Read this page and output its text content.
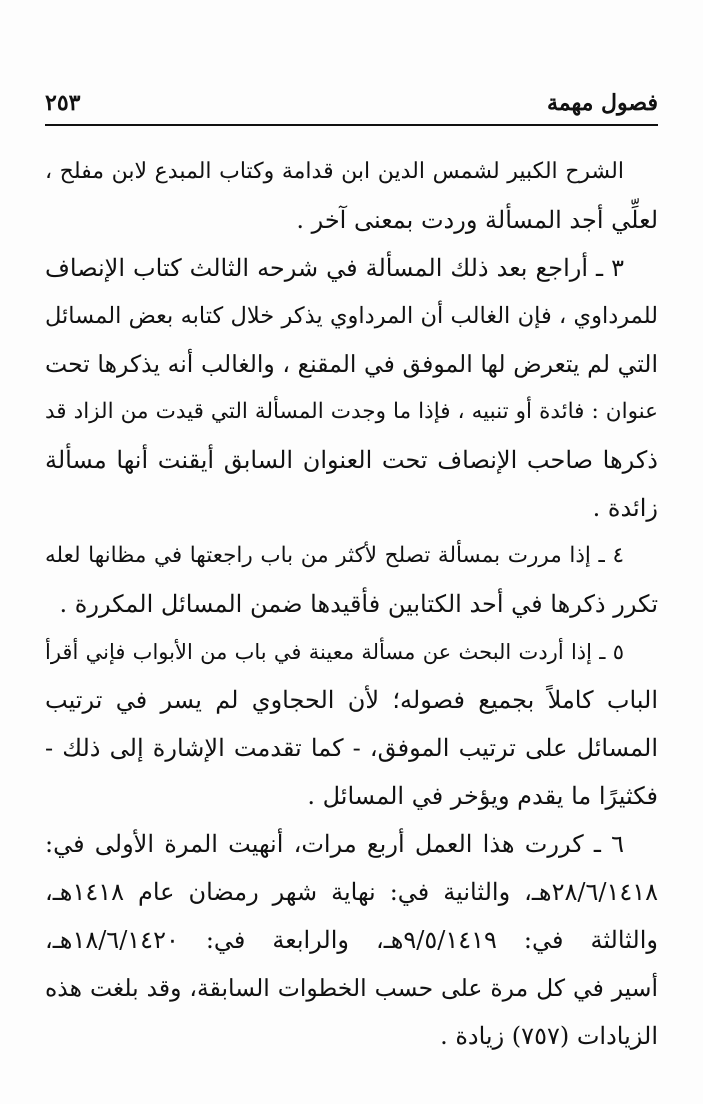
فصول مهمة
٢٥٣
الشرح الكبير لشمس الدين ابن قدامة وكتاب المبدع لابن مفلح ،
لعلِّي أجد المسألة وردت بمعنى آخر .
٣ ـ أراجع بعد ذلك المسألة في شرحه الثالث كتاب الإنصاف
للمرداوي ، فإن الغالب أن المرداوي يذكر خلال كتابه بعض المسائل
التي لم يتعرض لها الموفق في المقنع ، والغالب أنه يذكرها تحت
عنوان : فائدة أو تنبيه ، فإذا ما وجدت المسألة التي قيدت من الزاد قد
ذكرها صاحب الإنصاف تحت العنوان السابق أيقنت أنها مسألة
زائدة .
٤ ـ إذا مررت بمسألة تصلح لأكثر من باب راجعتها في مظانها لعله
تكرر ذكرها في أحد الكتابين فأقيدها ضمن المسائل المكررة .
٥ ـ إذا أردت البحث عن مسألة معينة في باب من الأبواب فإني أقرأ
الباب كاملاً بجميع فصوله؛ لأن الحجاوي لم يسر في ترتيب
المسائل على ترتيب الموفق، - كما تقدمت الإشارة إلى ذلك -
فكثيرًا ما يقدم ويؤخر في المسائل .
٦ ـ كررت هذا العمل أربع مرات، أنهيت المرة الأولى في:
٢٨/٦/١٤١٨هـ، والثانية في: نهاية شهر رمضان عام ١٤١٨هـ،
والثالثة في: ٩/٥/١٤١٩هـ، والرابعة في: ١٨/٦/١٤٢٠هـ،
أسير في كل مرة على حسب الخطوات السابقة، وقد بلغت هذه
الزيادات (٧٥٧) زيادة .
